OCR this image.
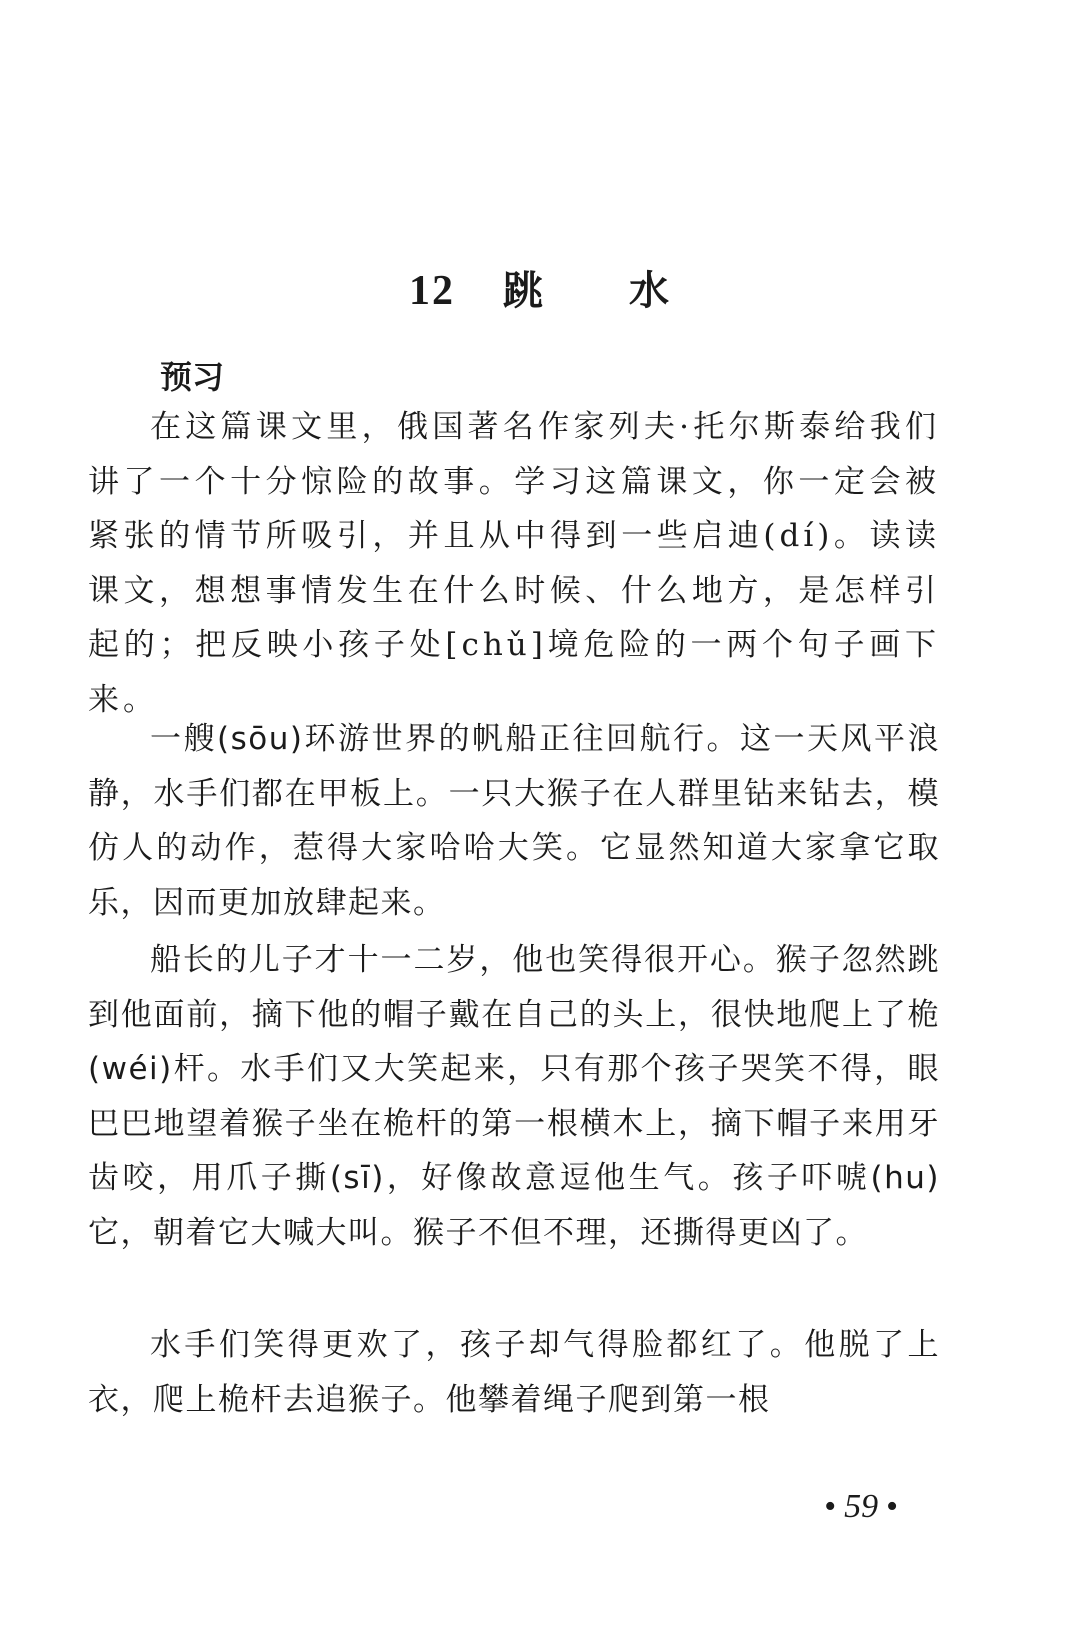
12 跳　　水
预习

在这篇课文里，俄国著名作家列夫·托尔斯泰给我们讲了一个十分惊险的故事。学习这篇课文，你一定会被紧张的情节所吸引，并且从中得到一些启迪(dí)。读读课文，想想事情发生在什么时候、什么地方，是怎样引起的；把反映小孩子处[chǔ]境危险的一两个句子画下来。

一艘(sōu)环游世界的帆船正往回航行。这一天风平浪静，水手们都在甲板上。一只大猴子在人群里钻来钻去，模仿人的动作，惹得大家哈哈大笑。它显然知道大家拿它取乐，因而更加放肆起来。

船长的儿子才十一二岁，他也笑得很开心。猴子忽然跳到他面前，摘下他的帽子戴在自己的头上，很快地爬上了桅(wéi)杆。水手们又大笑起来，只有那个孩子哭笑不得，眼巴巴地望着猴子坐在桅杆的第一根横木上，摘下帽子来用牙齿咬，用爪子撕(sī)，好像故意逗他生气。孩子吓唬(hu)它，朝着它大喊大叫。猴子不但不理，还撕得更凶了。

水手们笑得更欢了，孩子却气得脸都红了。他脱了上衣，爬上桅杆去追猴子。他攀着绳子爬到第一根

• 59 •
